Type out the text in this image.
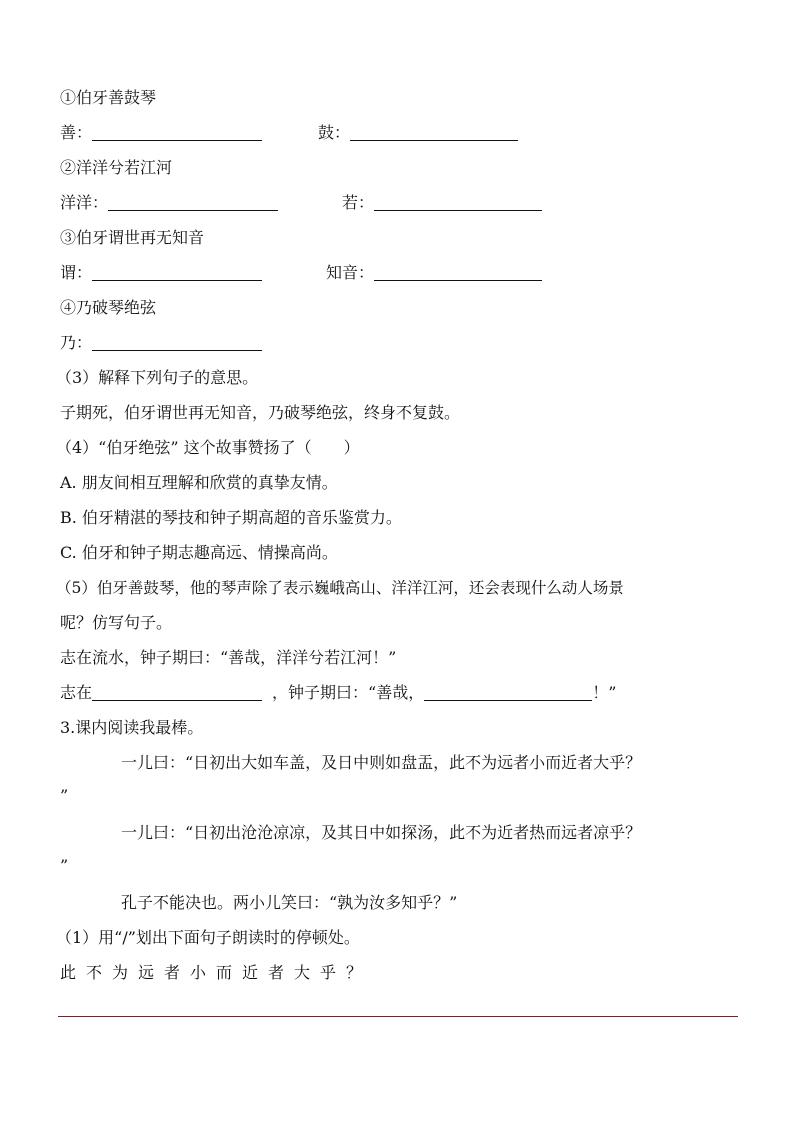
①伯牙善鼓琴
善：	鼓：
②洋洋兮若江河
洋洋：	若：
③伯牙谓世再无知音
谓：	知音：
④乃破琴绝弦
乃：
（3）解释下列句子的意思。
子期死，伯牙谓世再无知音，乃破琴绝弦，终身不复鼓。
（4）“伯牙绝弦” 这个故事赞扬了（　　）
A. 朋友间相互理解和欣赏的真挚友情。
B. 伯牙精湛的琴技和钟子期高超的音乐鉴赏力。
C. 伯牙和钟子期志趣高远、情操高尚。
（5）伯牙善鼓琴，他的琴声除了表示巍峨高山、洋洋江河，还会表现什么动人场景
呢？仿写句子。
志在流水，钟子期曰：“善哉，洋洋兮若江河！”
志在	，钟子期曰：“善哉，	！”
3.课内阅读我最棒。
一儿曰：“日初出大如车盖，及日中则如盘盂，此不为远者小而近者大乎？
”
一儿曰：“日初出沧沧凉凉，及其日中如探汤，此不为近者热而远者凉乎？
”
孔子不能决也。两小儿笑曰：“孰为汝多知乎？”
（1）用“/”划出下面句子朗读时的停顿处。
此不为远者小而近者大乎？
